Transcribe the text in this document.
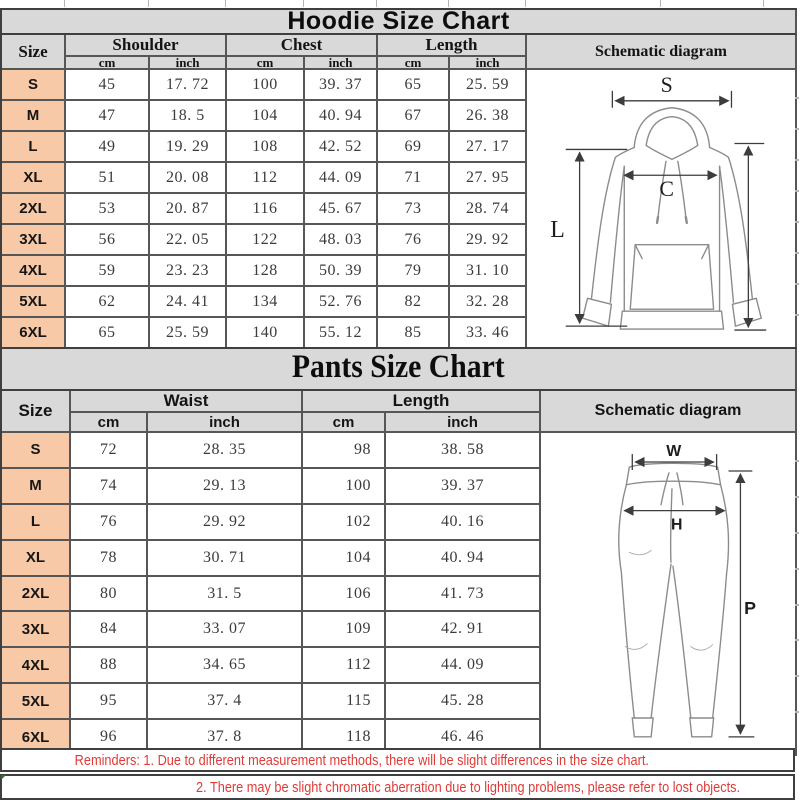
Hoodie Size Chart							
Size	Shoulder		Chest		Length		Schematic diagram
	cm	inch	cm	inch	cm	inch	
S	45	17. 72	100	39. 37	65	25. 59	S
C
L

M	47	18. 5	104	40. 94	67	26. 38	
L	49	19. 29	108	42. 52	69	27. 17	
XL	51	20. 08	112	44. 09	71	27. 95	
2XL	53	20. 87	116	45. 67	73	28. 74	
3XL	56	22. 05	122	48. 03	76	29. 92	
4XL	59	23. 23	128	50. 39	79	31. 10	
5XL	62	24. 41	134	52. 76	82	32. 28	
6XL	65	25. 59	140	55. 12	85	33. 46	
Pants Size Chart					
Size	Waist		Length		Schematic diagram
	cm	inch	cm	inch	
S	72	28. 35	98	38. 58	W
H
P

M	74	29. 13	100	39. 37	
L	76	29. 92	102	40. 16	
XL	78	30. 71	104	40. 94	
2XL	80	31. 5	106	41. 73	
3XL	84	33. 07	109	42. 91	
4XL	88	34. 65	112	44. 09	
5XL	95	37. 4	115	45. 28	
6XL	96	37. 8	118	46. 46	
Reminders: 1. Due to different measurement methods, there will be slight differences in the size chart.
2. There may be slight chromatic aberration due to lighting problems, please refer to lost objects.
